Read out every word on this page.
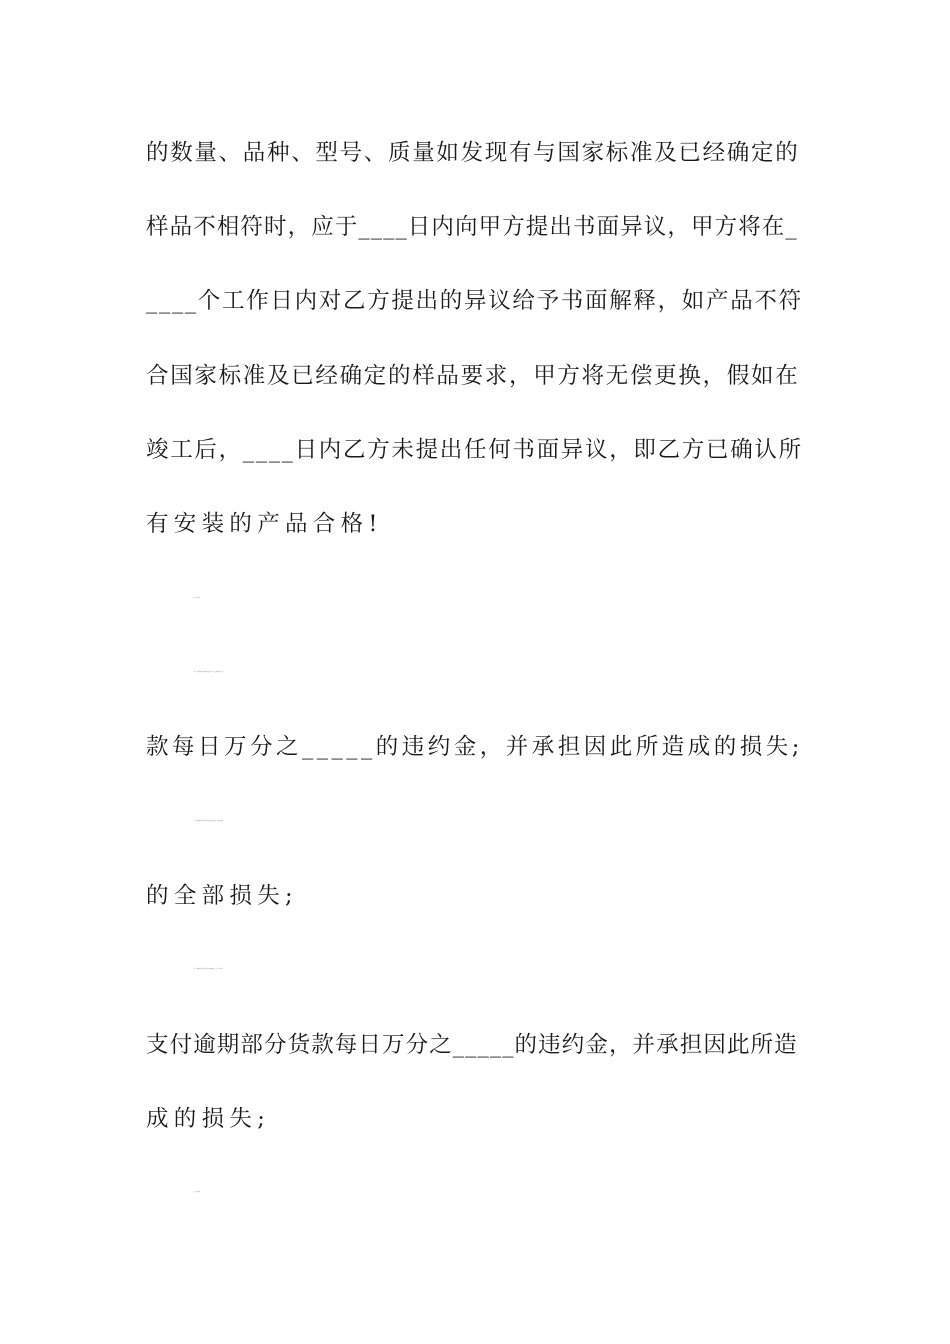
的数量、品种、型号、质量如发现有与国家标准及已经确定的
样品不相符时，应于____日内向甲方提出书面异议，甲方将在_
____个工作日内对乙方提出的异议给予书面解释，如产品不符
合国家标准及已经确定的样品要求，甲方将无偿更换，假如在
竣工后，____日内乙方未提出任何书面异议，即乙方已确认所
有安装的产品合格!
七、违约责任
1.甲方未按合同规定的时间交货应向乙方支付逾期部分货
款每日万分之_____的违约金，并承担因此所造成的损失;
2.乙方未能及时收货造成货物延迟交货的由乙方承担逾期
的全部损失;
3.乙方未能及时按合同约定的时间付款的，乙方应向甲方
支付逾期部分货款每日万分之_____的违约金，并承担因此所造
成的损失;
八、其他条件
